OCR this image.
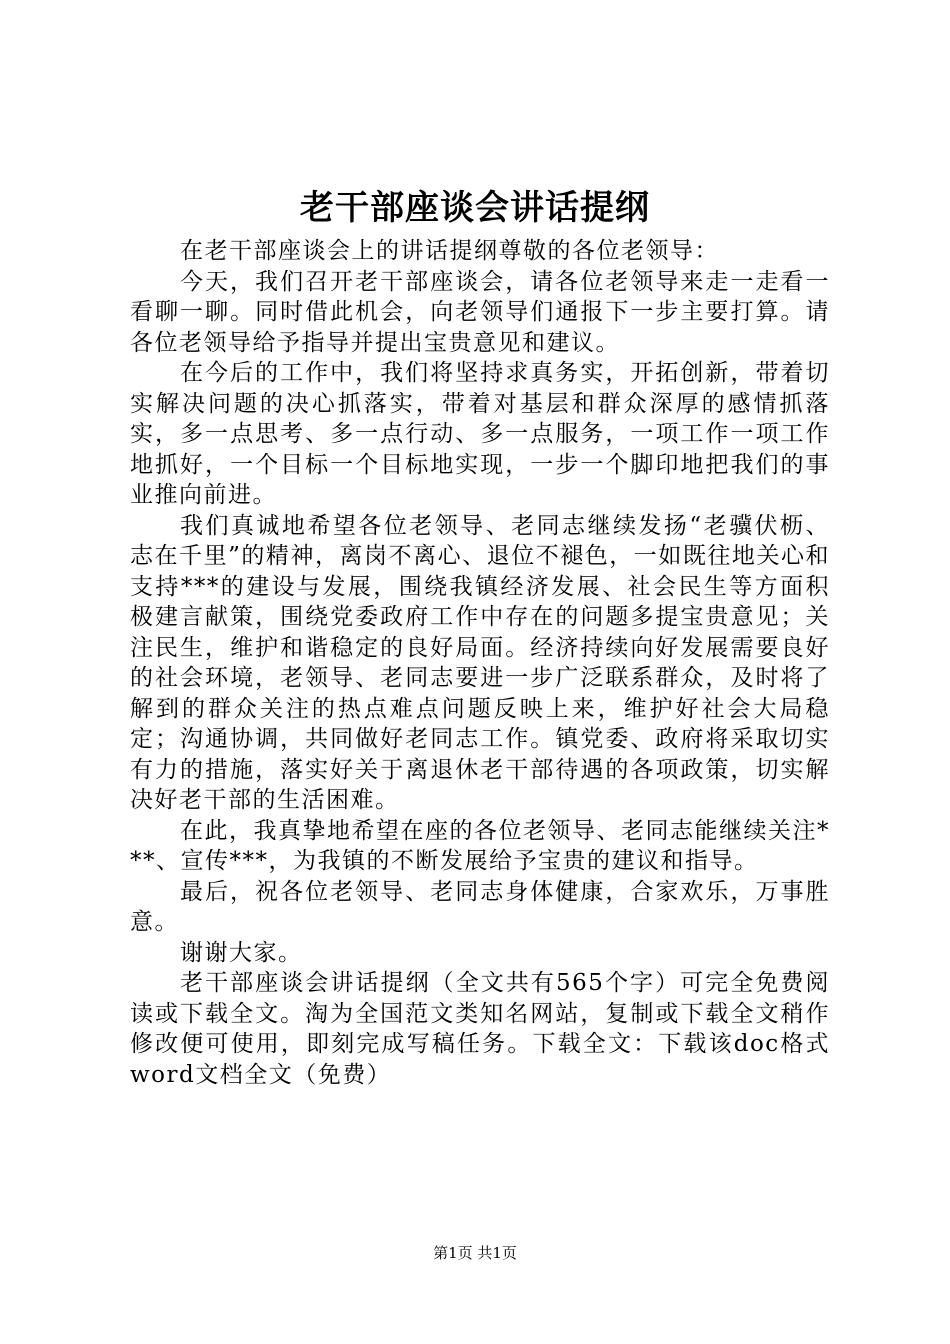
老干部座谈会讲话提纲

在老干部座谈会上的讲话提纲尊敬的各位老领导：

今天，我们召开老干部座谈会，请各位老领导来走一走看一看聊一聊。同时借此机会，向老领导们通报下一步主要打算。请各位老领导给予指导并提出宝贵意见和建议。

在今后的工作中，我们将坚持求真务实，开拓创新，带着切实解决问题的决心抓落实，带着对基层和群众深厚的感情抓落实，多一点思考、多一点行动、多一点服务，一项工作一项工作地抓好，一个目标一个目标地实现，一步一个脚印地把我们的事业推向前进。

我们真诚地希望各位老领导、老同志继续发扬“老骥伏枥、志在千里”的精神，离岗不离心、退位不褪色，一如既往地关心和支持***的建设与发展，围绕我镇经济发展、社会民生等方面积极建言献策，围绕党委政府工作中存在的问题多提宝贵意见；关注民生，维护和谐稳定的良好局面。经济持续向好发展需要良好的社会环境，老领导、老同志要进一步广泛联系群众，及时将了解到的群众关注的热点难点问题反映上来，维护好社会大局稳定；沟通协调，共同做好老同志工作。镇党委、政府将采取切实有力的措施，落实好关于离退休老干部待遇的各项政策，切实解决好老干部的生活困难。

在此，我真挚地希望在座的各位老领导、老同志能继续关注***、宣传***，为我镇的不断发展给予宝贵的建议和指导。

最后，祝各位老领导、老同志身体健康，合家欢乐，万事胜意。

谢谢大家。

老干部座谈会讲话提纲（全文共有565个字）可完全免费阅读或下载全文。淘为全国范文类知名网站，复制或下载全文稍作修改便可使用，即刻完成写稿任务。下载全文：下载该doc格式word文档全文（免费）

第1页 共1页
